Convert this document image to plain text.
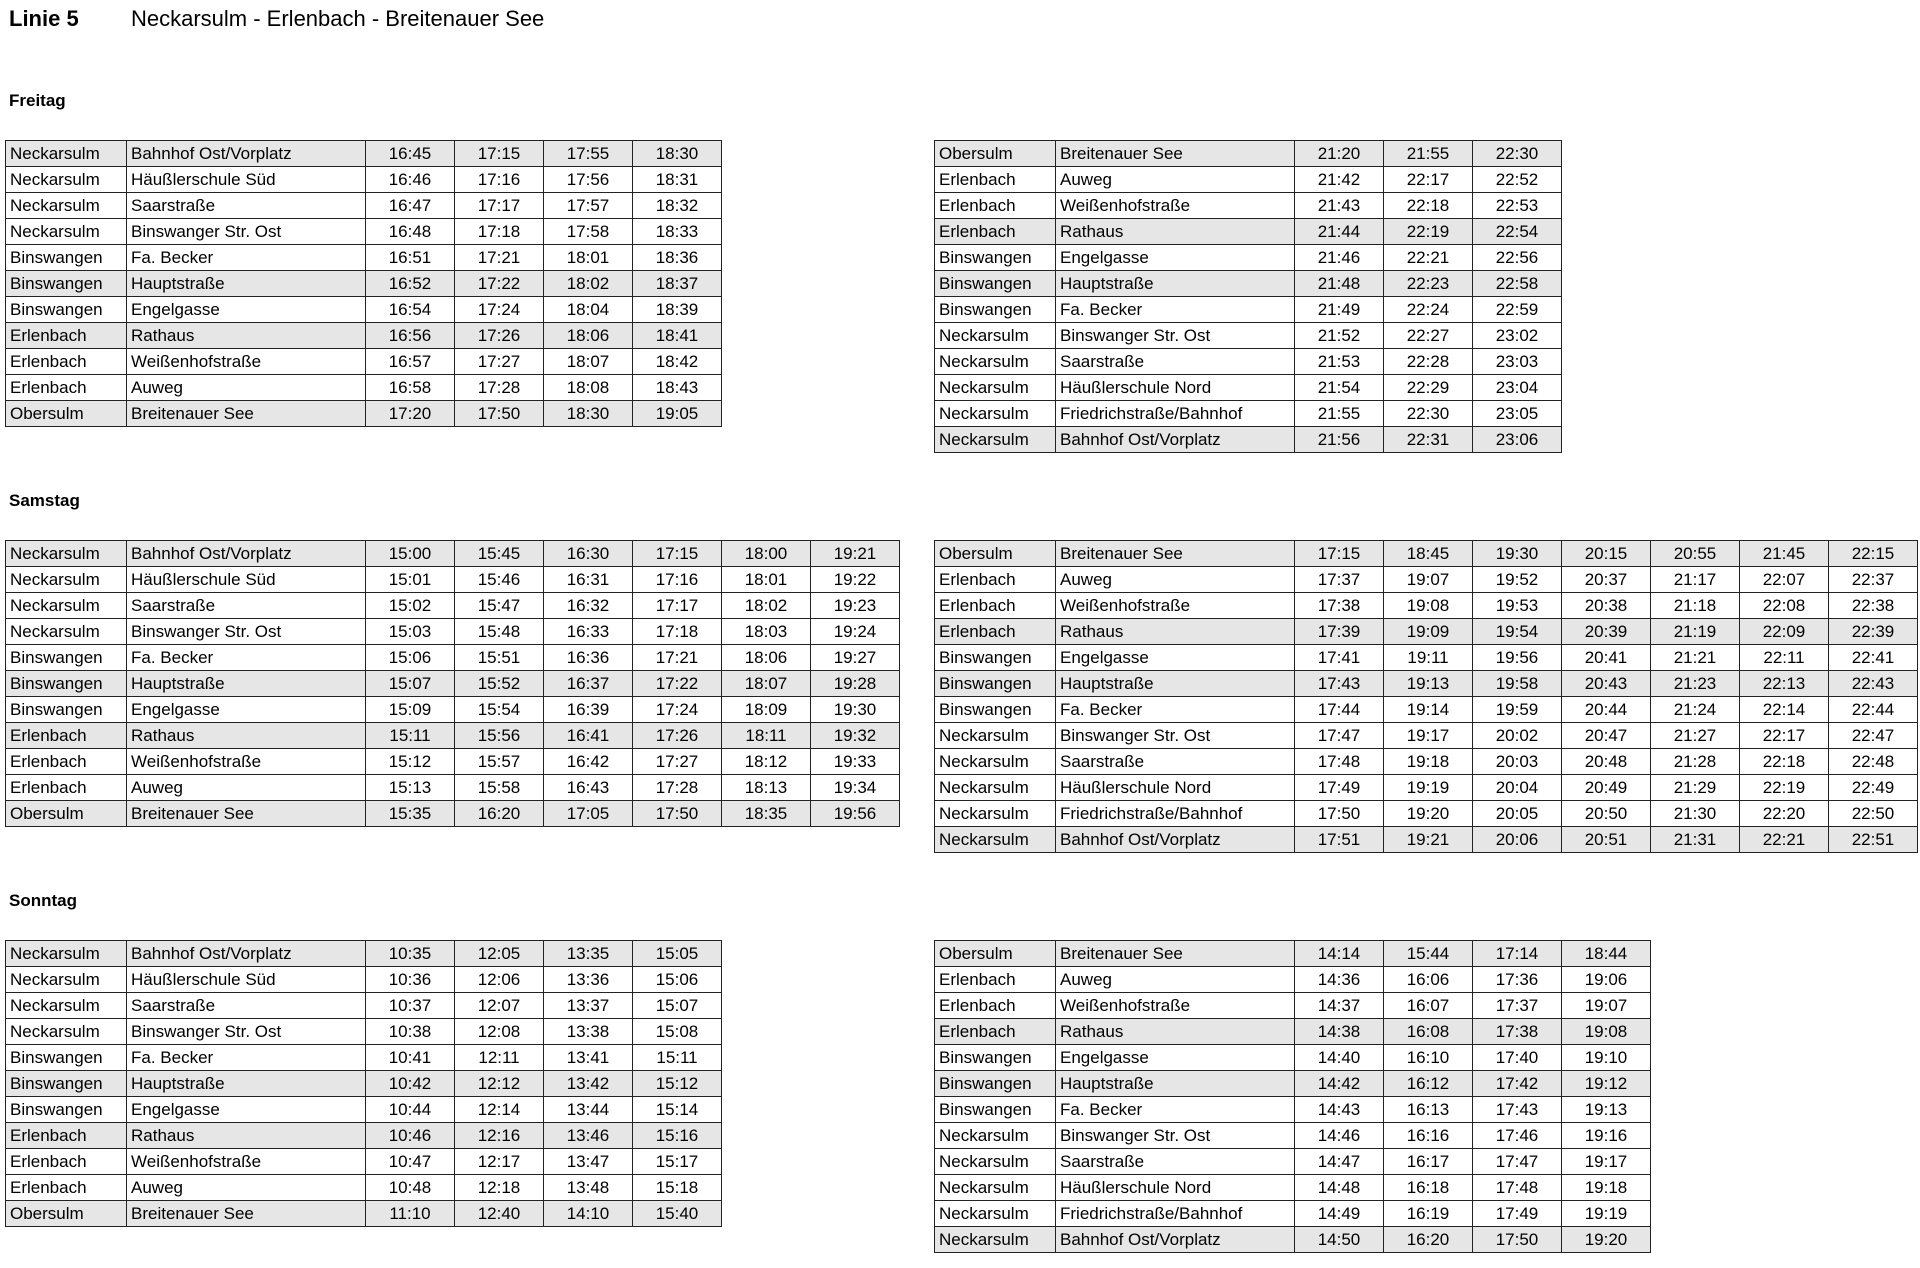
Linie 5 Neckarsulm - Erlenbach - Breitenauer See
Freitag
Neckarsulm	Bahnhof Ost/Vorplatz	16:45	17:15	17:55	18:30
Neckarsulm	Häußlerschule Süd	16:46	17:16	17:56	18:31
Neckarsulm	Saarstraße	16:47	17:17	17:57	18:32
Neckarsulm	Binswanger Str. Ost	16:48	17:18	17:58	18:33
Binswangen	Fa. Becker	16:51	17:21	18:01	18:36
Binswangen	Hauptstraße	16:52	17:22	18:02	18:37
Binswangen	Engelgasse	16:54	17:24	18:04	18:39
Erlenbach	Rathaus	16:56	17:26	18:06	18:41
Erlenbach	Weißenhofstraße	16:57	17:27	18:07	18:42
Erlenbach	Auweg	16:58	17:28	18:08	18:43
Obersulm	Breitenauer See	17:20	17:50	18:30	19:05
Obersulm	Breitenauer See	21:20	21:55	22:30
Erlenbach	Auweg	21:42	22:17	22:52
Erlenbach	Weißenhofstraße	21:43	22:18	22:53
Erlenbach	Rathaus	21:44	22:19	22:54
Binswangen	Engelgasse	21:46	22:21	22:56
Binswangen	Hauptstraße	21:48	22:23	22:58
Binswangen	Fa. Becker	21:49	22:24	22:59
Neckarsulm	Binswanger Str. Ost	21:52	22:27	23:02
Neckarsulm	Saarstraße	21:53	22:28	23:03
Neckarsulm	Häußlerschule Nord	21:54	22:29	23:04
Neckarsulm	Friedrichstraße/Bahnhof	21:55	22:30	23:05
Neckarsulm	Bahnhof Ost/Vorplatz	21:56	22:31	23:06
Samstag
Neckarsulm	Bahnhof Ost/Vorplatz	15:00	15:45	16:30	17:15	18:00	19:21
Neckarsulm	Häußlerschule Süd	15:01	15:46	16:31	17:16	18:01	19:22
Neckarsulm	Saarstraße	15:02	15:47	16:32	17:17	18:02	19:23
Neckarsulm	Binswanger Str. Ost	15:03	15:48	16:33	17:18	18:03	19:24
Binswangen	Fa. Becker	15:06	15:51	16:36	17:21	18:06	19:27
Binswangen	Hauptstraße	15:07	15:52	16:37	17:22	18:07	19:28
Binswangen	Engelgasse	15:09	15:54	16:39	17:24	18:09	19:30
Erlenbach	Rathaus	15:11	15:56	16:41	17:26	18:11	19:32
Erlenbach	Weißenhofstraße	15:12	15:57	16:42	17:27	18:12	19:33
Erlenbach	Auweg	15:13	15:58	16:43	17:28	18:13	19:34
Obersulm	Breitenauer See	15:35	16:20	17:05	17:50	18:35	19:56
Obersulm	Breitenauer See	17:15	18:45	19:30	20:15	20:55	21:45	22:15
Erlenbach	Auweg	17:37	19:07	19:52	20:37	21:17	22:07	22:37
Erlenbach	Weißenhofstraße	17:38	19:08	19:53	20:38	21:18	22:08	22:38
Erlenbach	Rathaus	17:39	19:09	19:54	20:39	21:19	22:09	22:39
Binswangen	Engelgasse	17:41	19:11	19:56	20:41	21:21	22:11	22:41
Binswangen	Hauptstraße	17:43	19:13	19:58	20:43	21:23	22:13	22:43
Binswangen	Fa. Becker	17:44	19:14	19:59	20:44	21:24	22:14	22:44
Neckarsulm	Binswanger Str. Ost	17:47	19:17	20:02	20:47	21:27	22:17	22:47
Neckarsulm	Saarstraße	17:48	19:18	20:03	20:48	21:28	22:18	22:48
Neckarsulm	Häußlerschule Nord	17:49	19:19	20:04	20:49	21:29	22:19	22:49
Neckarsulm	Friedrichstraße/Bahnhof	17:50	19:20	20:05	20:50	21:30	22:20	22:50
Neckarsulm	Bahnhof Ost/Vorplatz	17:51	19:21	20:06	20:51	21:31	22:21	22:51
Sonntag
Neckarsulm	Bahnhof Ost/Vorplatz	10:35	12:05	13:35	15:05
Neckarsulm	Häußlerschule Süd	10:36	12:06	13:36	15:06
Neckarsulm	Saarstraße	10:37	12:07	13:37	15:07
Neckarsulm	Binswanger Str. Ost	10:38	12:08	13:38	15:08
Binswangen	Fa. Becker	10:41	12:11	13:41	15:11
Binswangen	Hauptstraße	10:42	12:12	13:42	15:12
Binswangen	Engelgasse	10:44	12:14	13:44	15:14
Erlenbach	Rathaus	10:46	12:16	13:46	15:16
Erlenbach	Weißenhofstraße	10:47	12:17	13:47	15:17
Erlenbach	Auweg	10:48	12:18	13:48	15:18
Obersulm	Breitenauer See	11:10	12:40	14:10	15:40
Obersulm	Breitenauer See	14:14	15:44	17:14	18:44
Erlenbach	Auweg	14:36	16:06	17:36	19:06
Erlenbach	Weißenhofstraße	14:37	16:07	17:37	19:07
Erlenbach	Rathaus	14:38	16:08	17:38	19:08
Binswangen	Engelgasse	14:40	16:10	17:40	19:10
Binswangen	Hauptstraße	14:42	16:12	17:42	19:12
Binswangen	Fa. Becker	14:43	16:13	17:43	19:13
Neckarsulm	Binswanger Str. Ost	14:46	16:16	17:46	19:16
Neckarsulm	Saarstraße	14:47	16:17	17:47	19:17
Neckarsulm	Häußlerschule Nord	14:48	16:18	17:48	19:18
Neckarsulm	Friedrichstraße/Bahnhof	14:49	16:19	17:49	19:19
Neckarsulm	Bahnhof Ost/Vorplatz	14:50	16:20	17:50	19:20
